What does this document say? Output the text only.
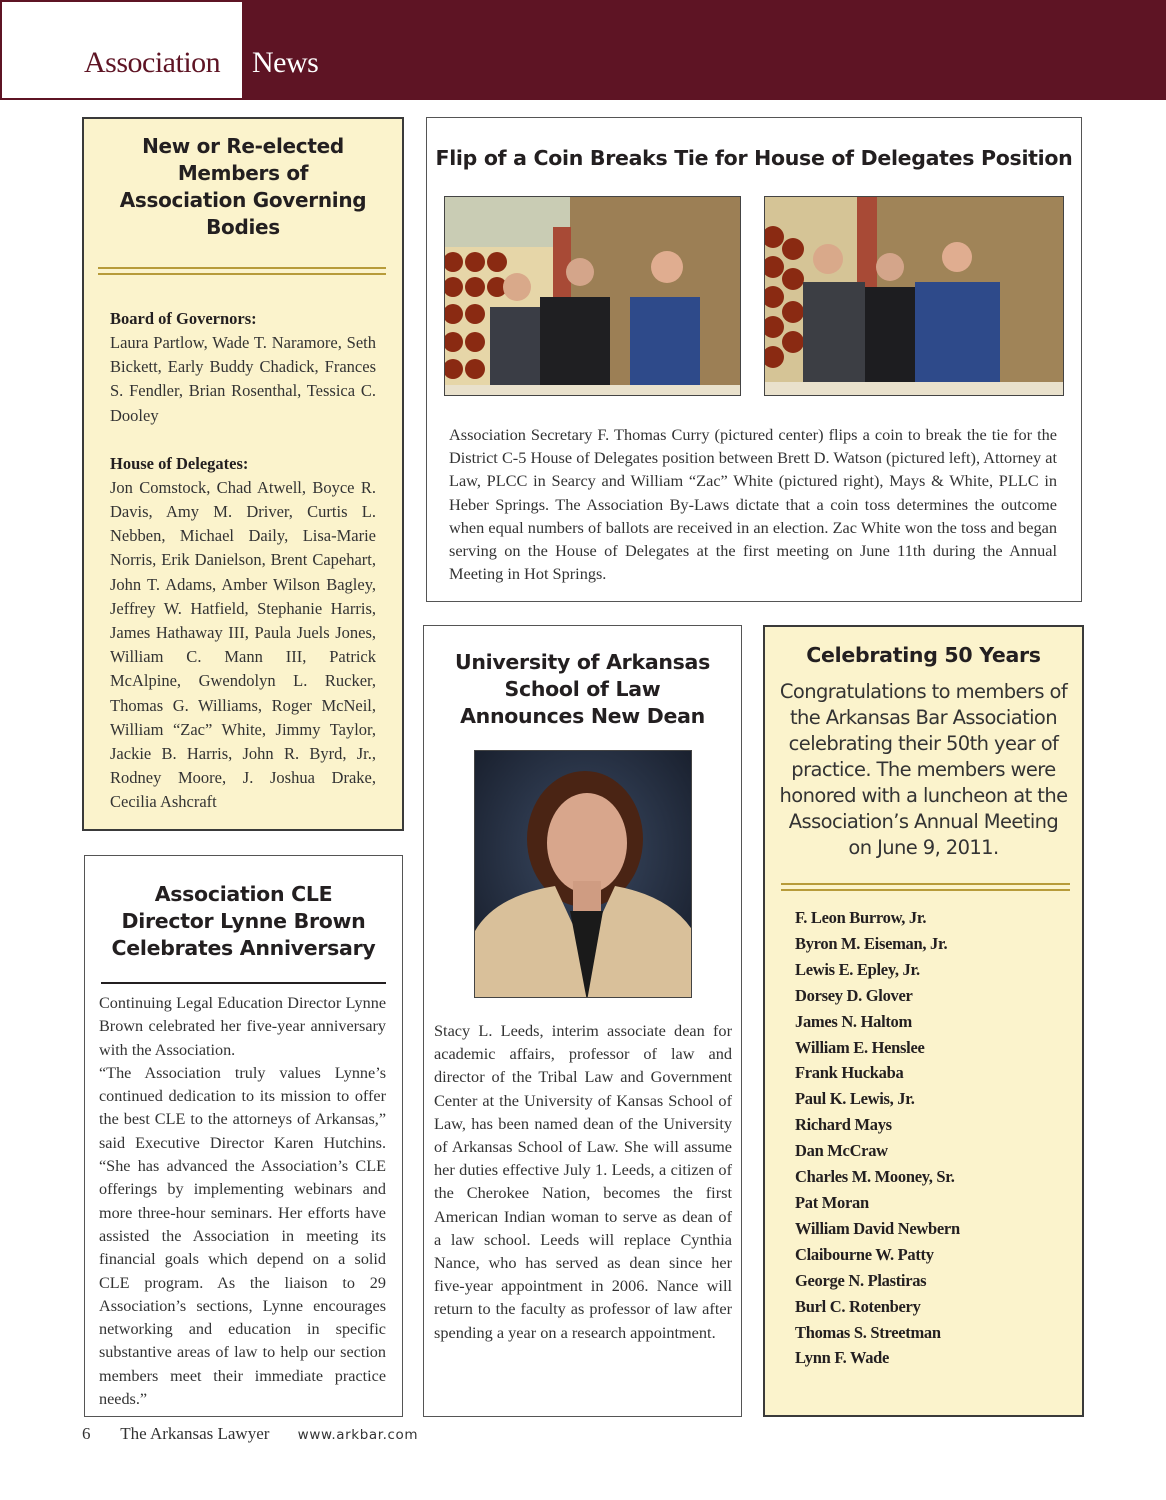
Association News
New or Re-elected Members of Association Governing Bodies
Board of Governors:
Laura Partlow, Wade T. Naramore, Seth Bickett, Early Buddy Chadick, Frances S. Fendler, Brian Rosenthal, Tessica C. Dooley
House of Delegates:
Jon Comstock, Chad Atwell, Boyce R. Davis, Amy M. Driver, Curtis L. Nebben, Michael Daily, Lisa-Marie Norris, Erik Danielson, Brent Capehart, John T. Adams, Amber Wilson Bagley, Jeffrey W. Hatfield, Stephanie Harris, James Hathaway III, Paula Juels Jones, William C. Mann III, Patrick McAlpine, Gwendolyn L. Rucker, Thomas G. Williams, Roger McNeil, William “Zac” White, Jimmy Taylor, Jackie B. Harris, John R. Byrd, Jr., Rodney Moore, J. Joshua Drake, Cecilia Ashcraft
Association CLE Director Lynne Brown Celebrates Anniversary
Continuing Legal Education Director Lynne Brown celebrated her five-year anniversary with the Association.
“The Association truly values Lynne’s continued dedication to its mission to offer the best CLE to the attorneys of Arkansas,” said Executive Director Karen Hutchins. “She has advanced the Association’s CLE offerings by implementing webinars and more three-hour seminars. Her efforts have assisted the Association in meeting its financial goals which depend on a solid CLE program. As the liaison to 29 Association’s sections, Lynne encourages networking and education in specific substantive areas of law to help our section members meet their immediate practice needs.”
Flip of a Coin Breaks Tie for House of Delegates Position
Association Secretary F. Thomas Curry (pictured center) flips a coin to break the tie for the District C-5 House of Delegates position between Brett D. Watson (pictured left), Attorney at Law, PLCC in Searcy and William “Zac” White (pictured right), Mays & White, PLLC in Heber Springs. The Association By-Laws dictate that a coin toss determines the outcome when equal numbers of ballots are received in an election. Zac White won the toss and began serving on the House of Delegates at the first meeting on June 11th during the Annual Meeting in Hot Springs.
University of Arkansas School of Law Announces New Dean
Stacy L. Leeds, interim associate dean for academic affairs, professor of law and director of the Tribal Law and Government Center at the University of Kansas School of Law, has been named dean of the University of Arkansas School of Law. She will assume her duties effective July 1. Leeds, a citizen of the Cherokee Nation, becomes the first American Indian woman to serve as dean of a law school. Leeds will replace Cynthia Nance, who has served as dean since her five-year appointment in 2006. Nance will return to the faculty as professor of law after spending a year on a research appointment.
Celebrating 50 Years
Congratulations to members of the Arkansas Bar Association celebrating their 50th year of practice. The members were honored with a luncheon at the Association’s Annual Meeting on June 9, 2011.
F. Leon Burrow, Jr.
Byron M. Eiseman, Jr.
Lewis E. Epley, Jr.
Dorsey D. Glover
James N. Haltom
William E. Henslee
Frank Huckaba
Paul K. Lewis, Jr.
Richard Mays
Dan McCraw
Charles M. Mooney, Sr.
Pat Moran
William David Newbern
Claibourne W. Patty
George N. Plastiras
Burl C. Rotenbery
Thomas S. Streetman
Lynn F. Wade
6 The Arkansas Lawyer www.arkbar.com
